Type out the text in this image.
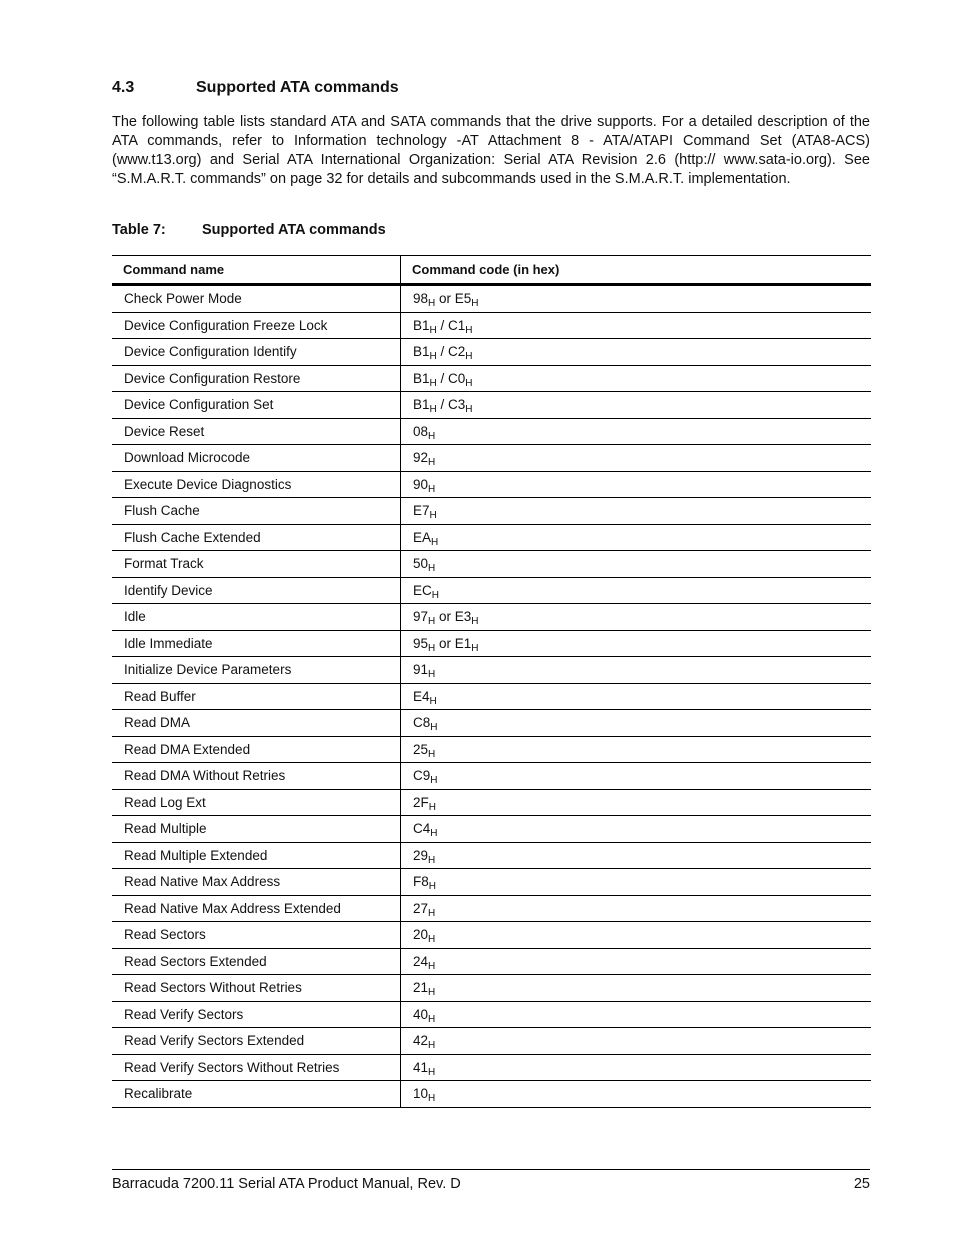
4.3	Supported ATA commands

The following table lists standard ATA and SATA commands that the drive supports. For a detailed description of the ATA commands, refer to Information technology -AT Attachment 8 - ATA/ATAPI Command Set (ATA8-ACS) (www.t13.org) and Serial ATA International Organization: Serial ATA Revision 2.6 (http:// www.sata-io.org). See “S.M.A.R.T. commands” on page 32 for details and subcommands used in the S.M.A.R.T. implementation.

Table 7:	Supported ATA commands

Command name	Command code (in hex)
Check Power Mode	$98_H$ or $E5_H$
Device Configuration Freeze Lock	$B1_H / C1_H$
Device Configuration Identify	$B1_H / C2_H$
Device Configuration Restore	$B1_H / C0_H$
Device Configuration Set	$B1_H / C3_H$
Device Reset	$08_H$
Download Microcode	$92_H$
Execute Device Diagnostics	$90_H$
Flush Cache	$E7_H$
Flush Cache Extended	$EA_H$
Format Track	$50_H$
Identify Device	$EC_H$
Idle	$97_H$ or $E3_H$
Idle Immediate	$95_H$ or $E1_H$
Initialize Device Parameters	$91_H$
Read Buffer	$E4_H$
Read DMA	$C8_H$
Read DMA Extended	$25_H$
Read DMA Without Retries	$C9_H$
Read Log Ext	$2F_H$
Read Multiple	$C4_H$
Read Multiple Extended	$29_H$
Read Native Max Address	$F8_H$
Read Native Max Address Extended	$27_H$
Read Sectors	$20_H$
Read Sectors Extended	$24_H$
Read Sectors Without Retries	$21_H$
Read Verify Sectors	$40_H$
Read Verify Sectors Extended	$42_H$
Read Verify Sectors Without Retries	$41_H$
Recalibrate	$10_H$
Barracuda 7200.11 Serial ATA Product Manual, Rev. D	25
